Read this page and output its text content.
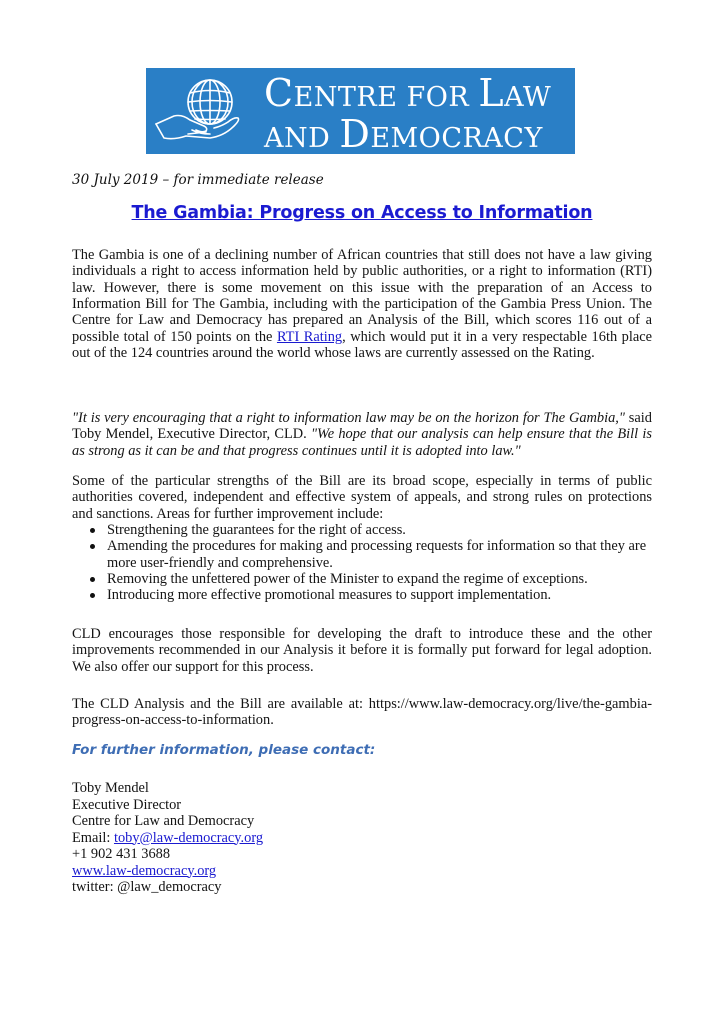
CENTRE FOR LAW
AND DEMOCRACY
30 July 2019 – for immediate release
The Gambia: Progress on Access to Information

The Gambia is one of a declining number of African countries that still does not have a law giving individuals a right to access information held by public authorities, or a right to information (RTI) law. However, there is some movement on this issue with the preparation of an Access to Information Bill for The Gambia, including with the participation of the Gambia Press Union. The Centre for Law and Democracy has prepared an Analysis of the Bill, which scores 116 out of a possible total of 150 points on the RTI Rating, which would put it in a very respectable 16th place out of the 124 countries around the world whose laws are currently assessed on the Rating.

"It is very encouraging that a right to information law may be on the horizon for The Gambia," said Toby Mendel, Executive Director, CLD. "We hope that our analysis can help ensure that the Bill is as strong as it can be and that progress continues until it is adopted into law."

Some of the particular strengths of the Bill are its broad scope, especially in terms of public authorities covered, independent and effective system of appeals, and strong rules on protections and sanctions. Areas for further improvement include:

Strengthening the guarantees for the right of access.
Amending the procedures for making and processing requests for information so that they are more user-friendly and comprehensive.
Removing the unfettered power of the Minister to expand the regime of exceptions.
Introducing more effective promotional measures to support implementation.

CLD encourages those responsible for developing the draft to introduce these and the other improvements recommended in our Analysis it before it is formally put forward for legal adoption. We also offer our support for this process.

The CLD Analysis and the Bill are available at: https://www.law-democracy.org/live/the-gambia-progress-on-access-to-information.

For further information, please contact:
Toby Mendel
Executive Director
Centre for Law and Democracy
Email: toby@law-democracy.org
+1 902 431 3688
www.law-democracy.org
twitter: @law_democracy
